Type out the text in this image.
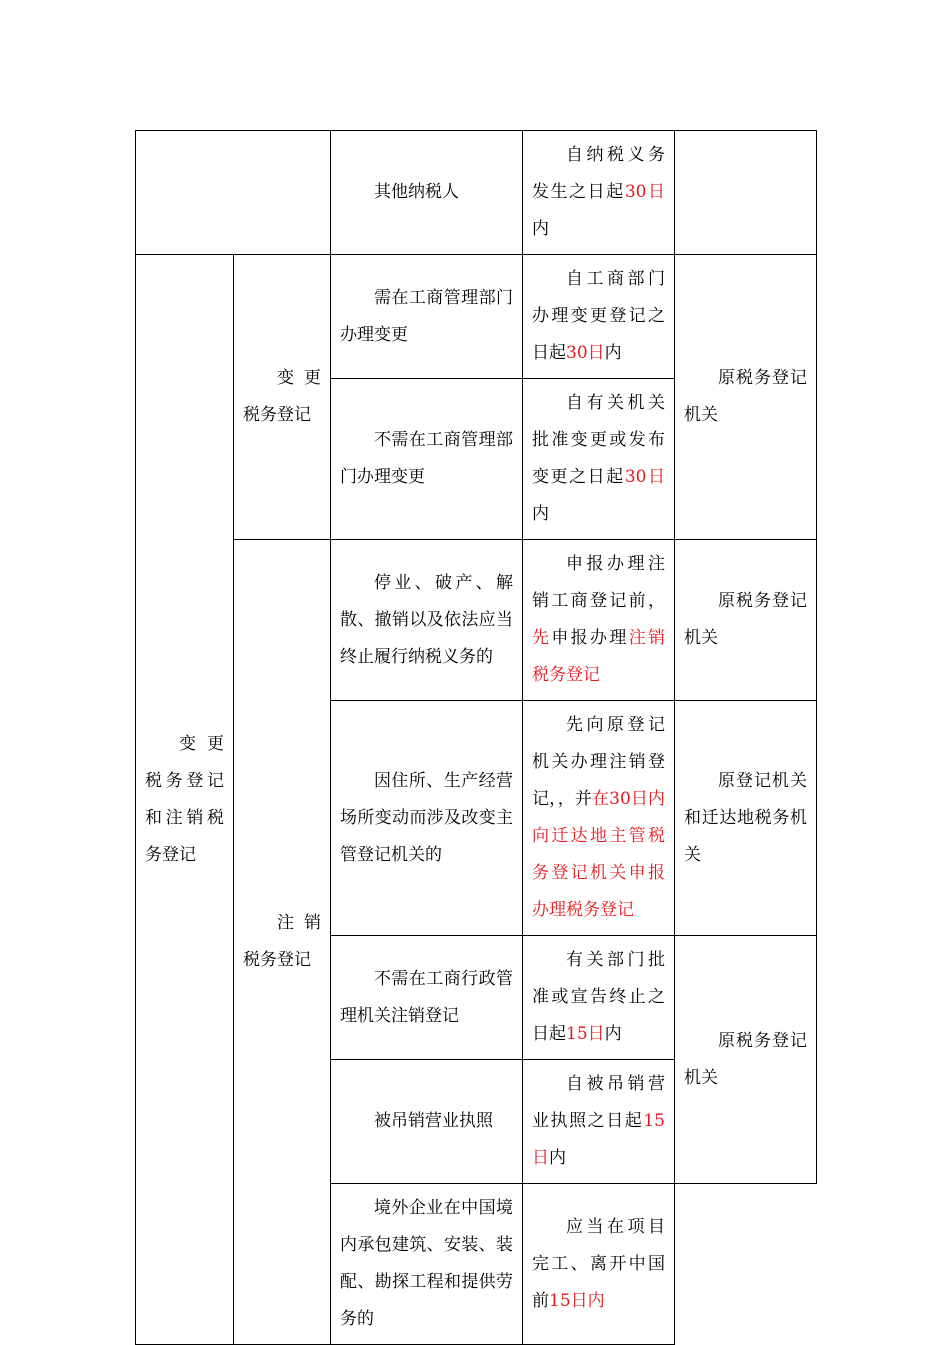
		其他纳税人	自纳税义务发生之日起30日内	

变更税务登记和注销税务登记	变更税务登记	需在工商管理部门办理变更	自工商部门办理变更登记之日起30日内	原税务登记机关

		不需在工商管理部门办理变更	自有关机关批准变更或发布变更之日起30日内	

	注销税务登记	停业、破产、解散、撤销以及依法应当终止履行纳税义务的	申报办理注销工商登记前，先申报办理注销税务登记	原税务登记机关

		因住所、生产经营场所变动而涉及改变主管登记机关的	先向原登记机关办理注销登记，，并在30日内向迁达地主管税务登记机关申报办理税务登记	原登记机关和迁达地税务机关

		不需在工商行政管理机关注销登记	有关部门批准或宣告终止之日起15日内	原税务登记机关

		被吊销营业执照	自被吊销营业执照之日起15日内	

		境外企业在中国境内承包建筑、安装、装配、勘探工程和提供劳务的	应当在项目完工、离开中国前15日内	
